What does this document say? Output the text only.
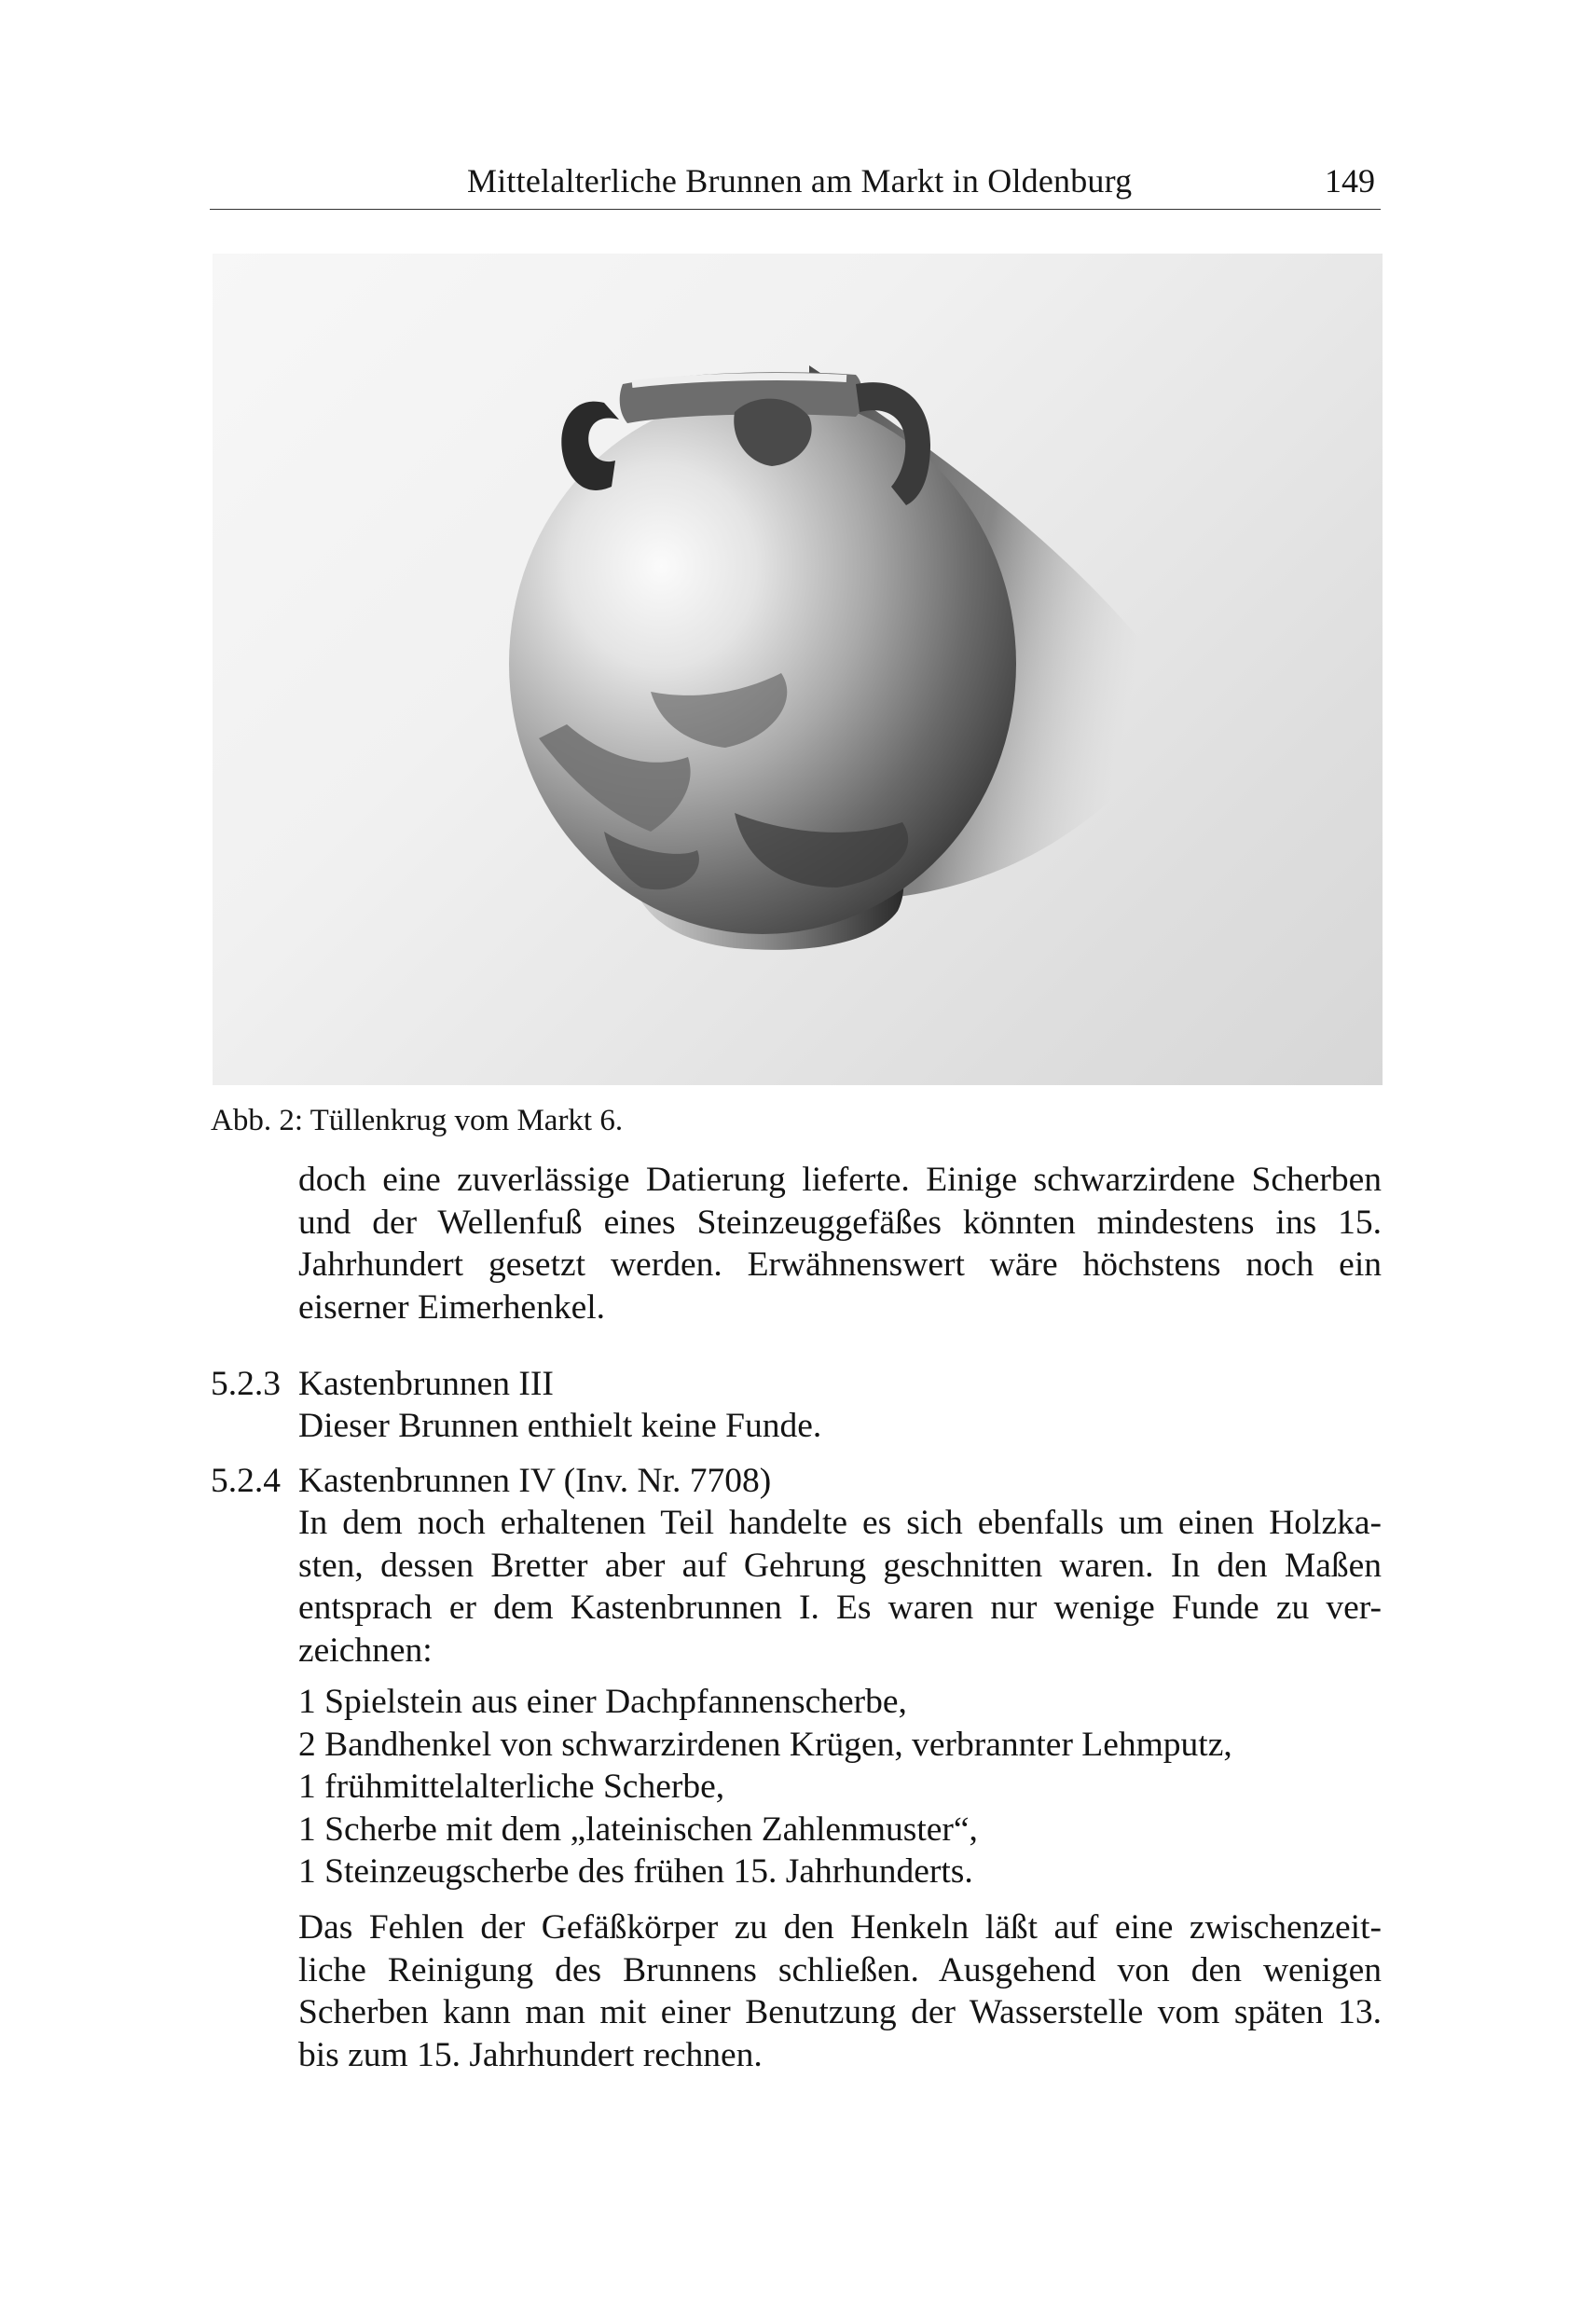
Mittelalterliche Brunnen am Markt in Oldenburg	149
Abb. 2: Tüllenkrug vom Markt 6.
doch eine zuverlässige Datierung lieferte. Einige schwarzirdene Scherben
und der Wellenfuß eines Steinzeuggefäßes könnten mindestens ins 15.
Jahrhundert gesetzt werden. Erwähnenswert wäre höchstens noch ein
eiserner Eimerhenkel.
5.2.3 Kastenbrunnen III
Dieser Brunnen enthielt keine Funde.
5.2.4 Kastenbrunnen IV (Inv. Nr. 7708)
In dem noch erhaltenen Teil handelte es sich ebenfalls um einen Holzka-
sten, dessen Bretter aber auf Gehrung geschnitten waren. In den Maßen
entsprach er dem Kastenbrunnen I. Es waren nur wenige Funde zu ver-
zeichnen:
1 Spielstein aus einer Dachpfannenscherbe,
2 Bandhenkel von schwarzirdenen Krügen, verbrannter Lehmputz,
1 frühmittelalterliche Scherbe,
1 Scherbe mit dem „lateinischen Zahlenmuster“,
1 Steinzeugscherbe des frühen 15. Jahrhunderts.
Das Fehlen der Gefäßkörper zu den Henkeln läßt auf eine zwischenzeit-
liche Reinigung des Brunnens schließen. Ausgehend von den wenigen
Scherben kann man mit einer Benutzung der Wasserstelle vom späten 13.
bis zum 15. Jahrhundert rechnen.
